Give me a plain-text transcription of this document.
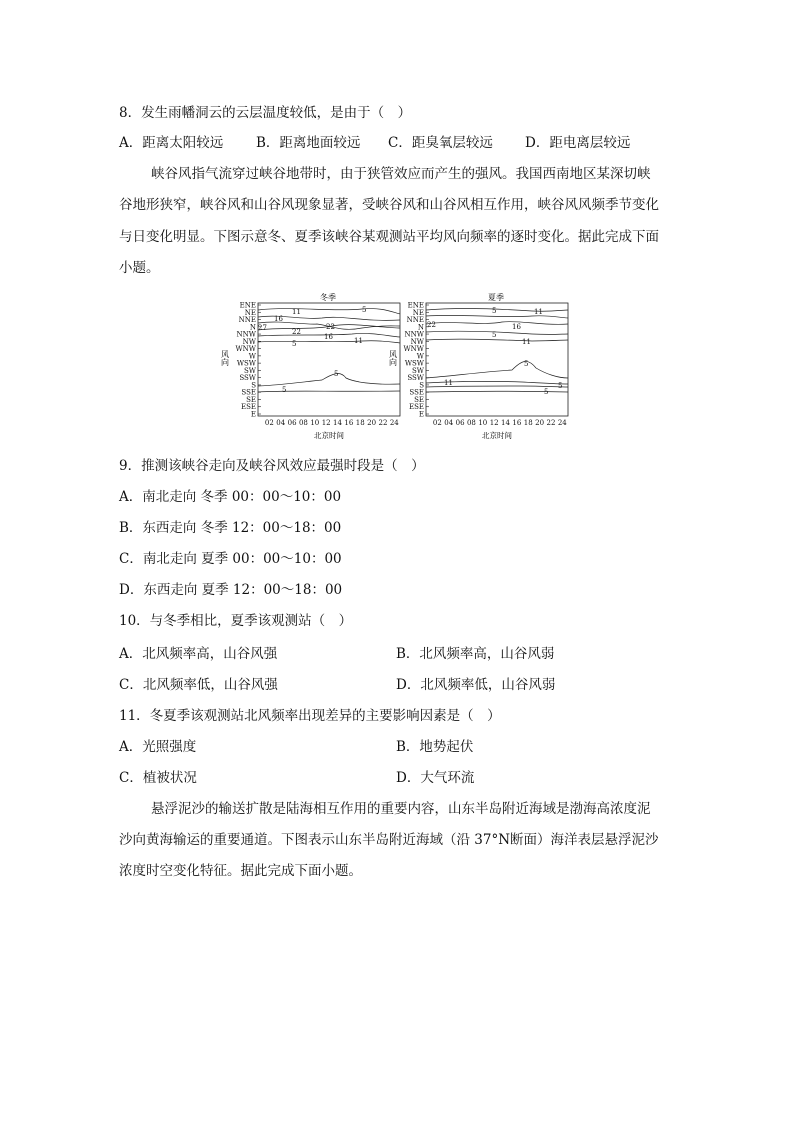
8．发生雨幡洞云的云层温度较低，是由于（　）
A．距离太阳较远 B．距离地面较远 C．距臭氧层较远 D．距电离层较远
峡谷风指气流穿过峡谷地带时，由于狭管效应而产生的强风。我国西南地区某深切峡
谷地形狭窄，峡谷风和山谷风现象显著，受峡谷风和山谷风相互作用，峡谷风风频季节变化
与日变化明显。下图示意冬、夏季该峡谷某观测站平均风向频率的逐时变化。据此完成下面
小题。
冬季
11	5
16
27	22
22
16
5	11
5
5
夏季
5	11
22	16
5
11
5
11
5
5
ENE
NE
NNE
N
NNW
NW
WNW
W
WSW
SW
SSW
S
SSE
SE
ESE
E
ENE
NE
NNE
N
NNW
NW
WNW
W
WSW
SW
SSW
S
SSE
SE
ESE
E
02 04 06 08 10 12 14 16 18 20 22 24	02 04 06 08 10 12 14 16 18 20 22 24
风向	风向
北京时间	北京时间
9．推测该峡谷走向及峡谷风效应最强时段是（　）
A．南北走向 冬季 00：00～10：00
B．东西走向 冬季 12：00～18：00
C．南北走向 夏季 00：00～10：00
D．东西走向 夏季 12：00～18：00
10．与冬季相比，夏季该观测站（　）
A．北风频率高，山谷风强	B．北风频率高，山谷风弱
C．北风频率低，山谷风强	D．北风频率低，山谷风弱
11．冬夏季该观测站北风频率出现差异的主要影响因素是（　）
A．光照强度	B．地势起伏
C．植被状况	D．大气环流
悬浮泥沙的输送扩散是陆海相互作用的重要内容，山东半岛附近海域是渤海高浓度泥
沙向黄海输运的重要通道。下图表示山东半岛附近海域（沿 37°N断面）海洋表层悬浮泥沙
浓度时空变化特征。据此完成下面小题。
